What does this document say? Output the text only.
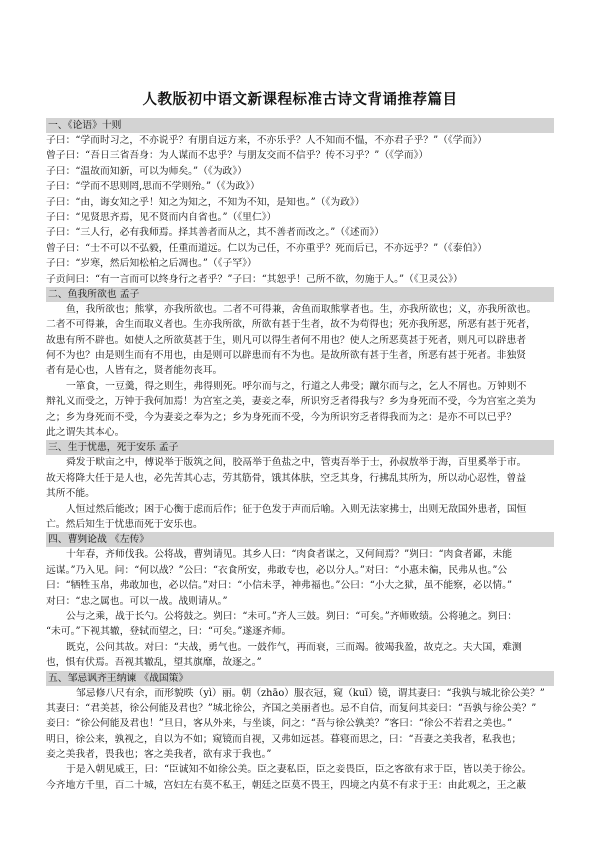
人教版初中语文新课程标准古诗文背诵推荐篇目
一、《论语》十则
子曰：“学而时习之，不亦说乎？有朋自远方来，不亦乐乎？人不知而不愠，不亦君子乎？”（《学而》）
曾子曰：“吾日三省吾身：为人谋而不忠乎？与朋友交而不信乎？传不习乎？”（《学而》）
子曰：“温故而知新，可以为师矣。”（《为政》）
子曰：“学而不思则罔,思而不学则殆。”（《为政》）
子曰：“由，诲女知之乎！知之为知之，不知为不知，是知也。”（《为政》）
子曰：“见贤思齐焉，见不贤而内自省也。”（《里仁》）
子曰：“三人行，必有我师焉。择其善者而从之，其不善者而改之。”（《述而》）
曾子曰：“士不可以不弘毅，任重而道远。仁以为己任，不亦重乎？死而后已，不亦远乎？”（《泰伯》）
子曰：“岁寒，然后知松柏之后凋也。”（《子罕》）
子贡问曰：“有一言而可以终身行之者乎？”子曰：“其恕乎！己所不欲，勿施于人。”（《卫灵公》）
二、鱼我所欲也 孟子
鱼，我所欲也；熊掌，亦我所欲也。二者不可得兼，舍鱼而取熊掌者也。生，亦我所欲也；义，亦我所欲也。
二者不可得兼，舍生而取义者也。生亦我所欲，所欲有甚于生者，故不为苟得也；死亦我所恶，所恶有甚于死者，
故患有所不辟也。如使人之所欲莫甚于生，则凡可以得生者何不用也？使人之所恶莫甚于死者，则凡可以辟患者
何不为也？由是则生而有不用也，由是则可以辟患而有不为也。是故所欲有甚于生者，所恶有甚于死者。非独贤
者有是心也，人皆有之，贤者能勿丧耳。
一箪食，一豆羹，得之则生，弗得则死。呼尔而与之，行道之人弗受；蹴尔而与之，乞人不屑也。万钟则不
辩礼义而受之，万钟于我何加焉！为宫室之美，妻妾之奉，所识穷乏者得我与？乡为身死而不受，今为宫室之美为
之；乡为身死而不受，今为妻妾之奉为之；乡为身死而不受，今为所识穷乏者得我而为之：是亦不可以已乎？
此之谓失其本心。
三、生于忧患，死于安乐 孟子
舜发于畎亩之中，傅说举于版筑之间，胶鬲举于鱼盐之中，管夷吾举于士，孙叔敖举于海，百里奚举于市。
故天将降大任于是人也，必先苦其心志，劳其筋骨，饿其体肤，空乏其身，行拂乱其所为，所以动心忍性，曾益
其所不能。
人恒过然后能改；困于心衡于虑而后作；征于色发于声而后喻。入则无法家拂士，出则无敌国外患者，国恒
亡。然后知生于忧患而死于安乐也。
四、曹刿论战 《左传》
十年春，齐师伐我。公将战，曹刿请见。其乡人曰：“肉食者谋之，又何间焉？”刿曰：“肉食者鄙，未能
远谋。”乃入见。问：“何以战？”公曰：“衣食所安，弗敢专也，必以分人。”对曰：“小惠未徧，民弗从也。”公
曰：“牺牲玉帛，弗敢加也，必以信。”对曰：“小信未孚，神弗福也。”公曰：“小大之狱，虽不能察，必以情。”
对曰：“忠之属也。可以一战。战则请从。”
公与之乘，战于长勺。公将鼓之。刿曰：“未可。”齐人三鼓。刿曰：“可矣。”齐师败绩。公将驰之。刿曰：
“未可。”下视其辙，登轼而望之，曰：“可矣。”遂逐齐师。
既克，公问其故。对曰：“夫战，勇气也。一鼓作气，再而衰，三而竭。彼竭我盈，故克之。夫大国，难测
也，惧有伏焉。吾视其辙乱，望其旗靡，故逐之。”
五、邹忌讽齐王纳谏 《战国策》
邹忌修八尺有余，而形貌昳（yì）丽。朝（zhāo）服衣冠，窥（kuī）镜，谓其妻曰：“我孰与城北徐公美？”
其妻曰：“君美甚，徐公何能及君也？”城北徐公，齐国之美丽者也。忌不自信，而复问其妾曰：“吾孰与徐公美？”
妾曰：“徐公何能及君也！”旦日，客从外来，与坐谈，问之：“吾与徐公孰美？”客曰：“徐公不若君之美也。”
明日，徐公来，孰视之，自以为不如；窥镜而自视，又弗如远甚。暮寝而思之，曰：“吾妻之美我者，私我也；
妾之美我者，畏我也；客之美我者，欲有求于我也。”
于是入朝见威王，曰：“臣诚知不如徐公美。臣之妻私臣，臣之妾畏臣，臣之客欲有求于臣，皆以美于徐公。
今齐地方千里，百二十城，宫妇左右莫不私王，朝廷之臣莫不畏王，四境之内莫不有求于王：由此观之，王之蔽
